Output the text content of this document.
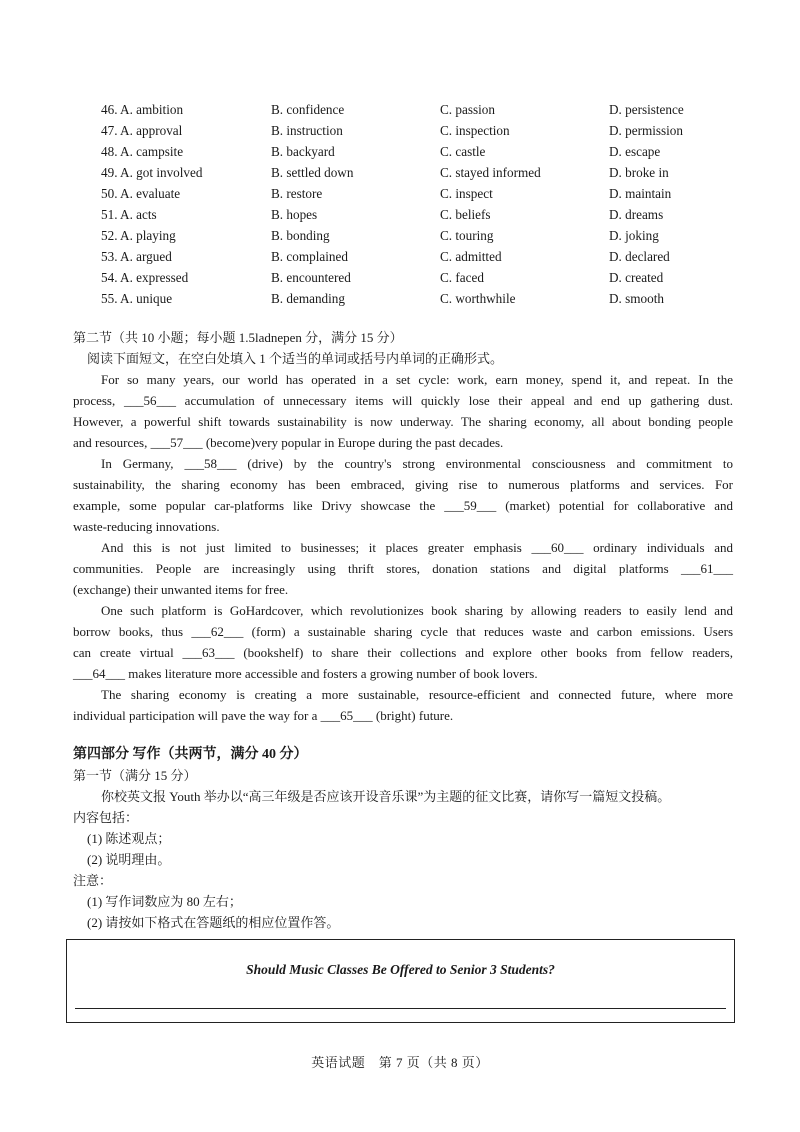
46. A. ambition	B. confidence	C. passion	D. persistence
47. A. approval	B. instruction	C. inspection	D. permission
48. A. campsite	B. backyard	C. castle	D. escape
49. A. got involved	B. settled down	C. stayed informed	D. broke in
50. A. evaluate	B. restore	C. inspect	D. maintain
51. A. acts	B. hopes	C. beliefs	D. dreams
52. A. playing	B. bonding	C. touring	D. joking
53. A. argued	B. complained	C. admitted	D. declared
54. A. expressed	B. encountered	C. faced	D. created
55. A. unique	B. demanding	C. worthwhile	D. smooth
第二节（共 10 小题；每小题 1.5ladnepen 分，满分 15 分）
阅读下面短文，在空白处填入 1 个适当的单词或括号内单词的正确形式。
For so many years, our world has operated in a set cycle: work, earn money, spend it, and repeat. In the
process, ___56___ accumulation of unnecessary items will quickly lose their appeal and end up gathering dust.
However, a powerful shift towards sustainability is now underway. The sharing economy, all about bonding people
and resources, ___57___ (become)very popular in Europe during the past decades.
In Germany, ___58___ (drive) by the country's strong environmental consciousness and commitment to
sustainability, the sharing economy has been embraced, giving rise to numerous platforms and services. For
example, some popular car-platforms like Drivy showcase the ___59___ (market) potential for collaborative and
waste-reducing innovations.
And this is not just limited to businesses; it places greater emphasis ___60___ ordinary individuals and
communities. People are increasingly using thrift stores, donation stations and digital platforms ___61___
(exchange) their unwanted items for free.
One such platform is GoHardcover, which revolutionizes book sharing by allowing readers to easily lend and
borrow books, thus ___62___ (form) a sustainable sharing cycle that reduces waste and carbon emissions. Users
can create virtual ___63___ (bookshelf) to share their collections and explore other books from fellow readers,
___64___ makes literature more accessible and fosters a growing number of book lovers.
The sharing economy is creating a more sustainable, resource-efficient and connected future, where more
individual participation will pave the way for a ___65___ (bright) future.
第四部分 写作（共两节，满分 40 分）
第一节（满分 15 分）
你校英文报 Youth 举办以“高三年级是否应该开设音乐课”为主题的征文比赛，请你写一篇短文投稿。
内容包括：
(1) 陈述观点；
(2) 说明理由。
注意：
(1) 写作词数应为 80 左右；
(2) 请按如下格式在答题纸的相应位置作答。
Should Music Classes Be Offered to Senior 3 Students?
英语试题　第 7 页（共 8 页）
